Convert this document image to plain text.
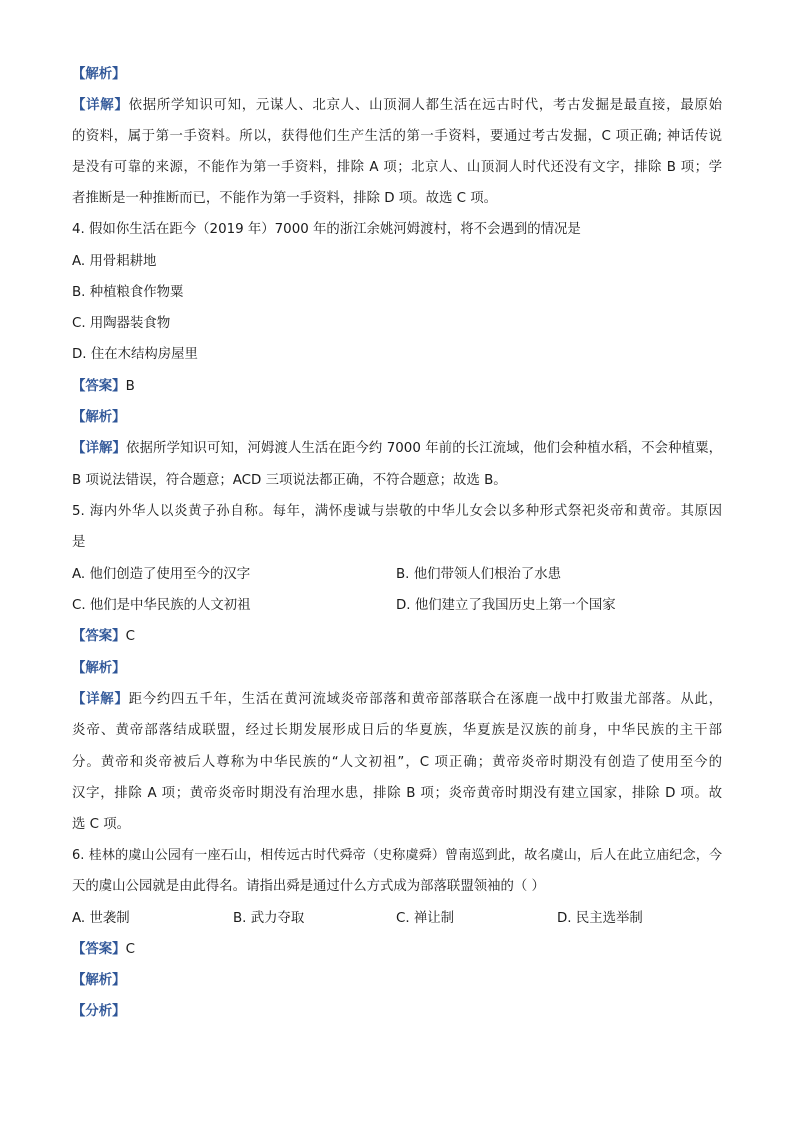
【解析】
【详解】依据所学知识可知，元谋人、北京人、山顶洞人都生活在远古时代，考古发掘是最直接，最原始
的资料，属于第一手资料。所以，获得他们生产生活的第一手资料，要通过考古发掘，C 项正确; 神话传说
是没有可靠的来源，不能作为第一手资料，排除 A 项；北京人、山顶洞人时代还没有文字，排除 B 项；学
者推断是一种推断而已，不能作为第一手资料，排除 D 项。故选 C 项。
4. 假如你生活在距今（2019 年）7000 年的浙江余姚河姆渡村，将不会遇到的情况是
A. 用骨耜耕地
B. 种植粮食作物粟
C. 用陶器装食物
D. 住在木结构房屋里
【答案】B
【解析】
【详解】依据所学知识可知，河姆渡人生活在距今约 7000 年前的长江流域，他们会种植水稻，不会种植粟，
B 项说法错误，符合题意；ACD 三项说法都正确，不符合题意；故选 B。
5. 海内外华人以炎黄子孙自称。每年，满怀虔诚与崇敬的中华儿女会以多种形式祭祀炎帝和黄帝。其原因
是
A. 他们创造了使用至今的汉字	B. 他们带领人们根治了水患
C. 他们是中华民族的人文初祖	D. 他们建立了我国历史上第一个国家
【答案】C
【解析】
【详解】距今约四五千年，生活在黄河流域炎帝部落和黄帝部落联合在涿鹿一战中打败蚩尤部落。从此，
炎帝、黄帝部落结成联盟，经过长期发展形成日后的华夏族，华夏族是汉族的前身，中华民族的主干部
分。黄帝和炎帝被后人尊称为中华民族的“人文初祖”，C 项正确；黄帝炎帝时期没有创造了使用至今的
汉字，排除 A 项；黄帝炎帝时期没有治理水患，排除 B 项；炎帝黄帝时期没有建立国家，排除 D 项。故
选 C 项。
6. 桂林的虞山公园有一座石山，相传远古时代舜帝（史称虞舜）曾南巡到此，故名虞山，后人在此立庙纪念，今
天的虞山公园就是由此得名。请指出舜是通过什么方式成为部落联盟领袖的（ ）
A. 世袭制	B. 武力夺取	C. 禅让制	D. 民主选举制
【答案】C
【解析】
【分析】
